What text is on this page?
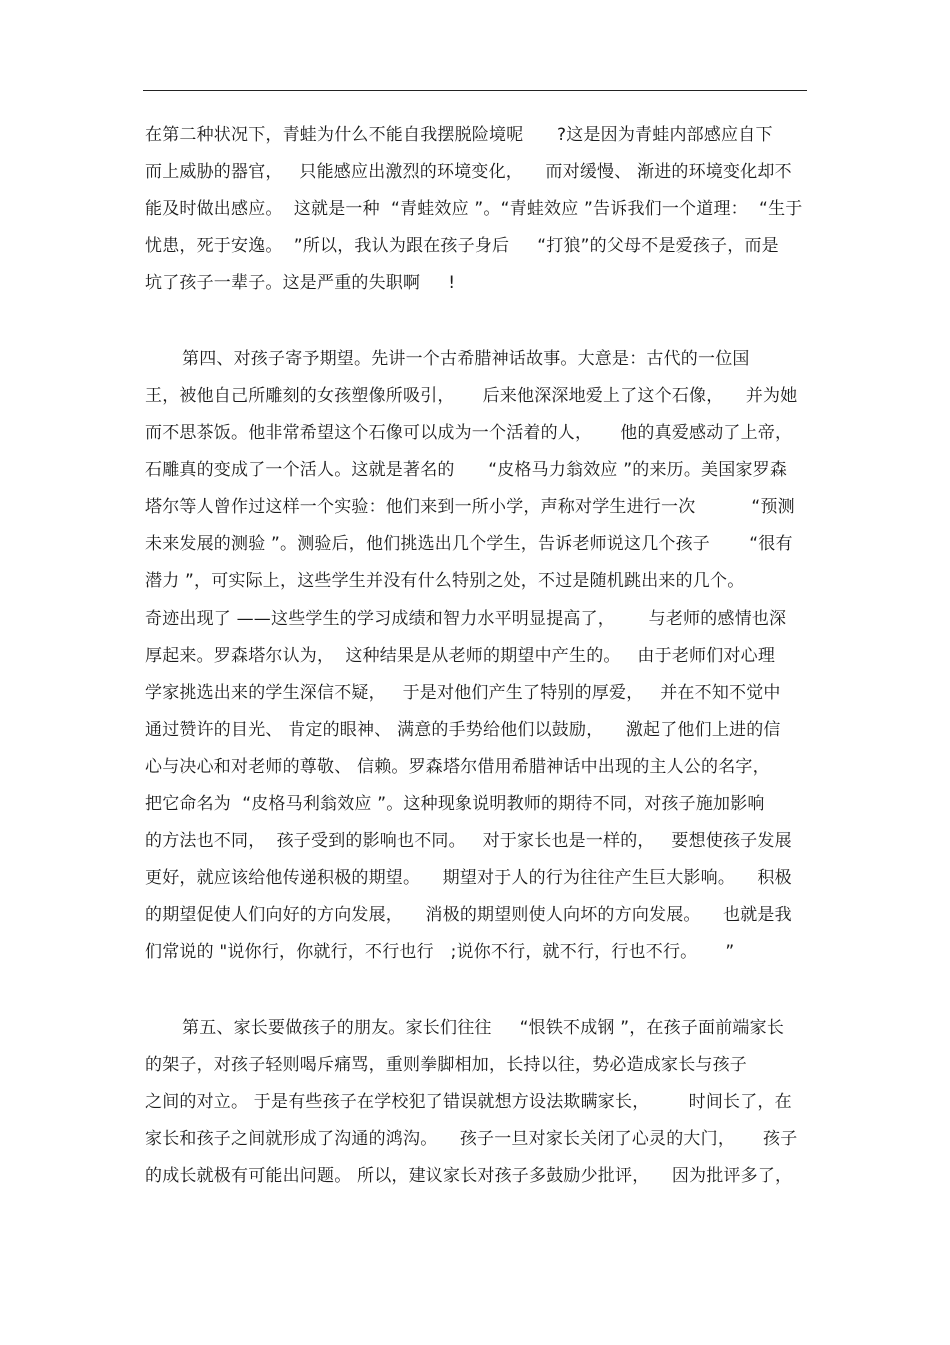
在第二种状况下，青蛙为什么不能自我摆脱险境呢      ?这是因为青蛙内部感应自下
而上威胁的器官，   只能感应出激烈的环境变化，    而对缓慢、 渐进的环境变化却不
能及时做出感应。  这就是一种  “青蛙效应 ”。“青蛙效应 ”告诉我们一个道理：  “生于
忧患，死于安逸。  ”所以，我认为跟在孩子身后     “打狼”的父母不是爱孩子，而是
坑了孩子一辈子。这是严重的失职啊     !
第四、对孩子寄予期望。先讲一个古希腊神话故事。大意是：古代的一位国
王，被他自己所雕刻的女孩塑像所吸引，     后来他深深地爱上了这个石像，    并为她
而不思茶饭。他非常希望这个石像可以成为一个活着的人，     他的真爱感动了上帝，
石雕真的变成了一个活人。这就是著名的      “皮格马力翁效应 ”的来历。美国家罗森
塔尔等人曾作过这样一个实验：他们来到一所小学，声称对学生进行一次          “预测
未来发展的测验 ”。测验后，他们挑选出几个学生，告诉老师说这几个孩子       “很有
潜力 ”，可实际上，这些学生并没有什么特别之处，不过是随机跳出来的几个。
奇迹出现了 ——这些学生的学习成绩和智力水平明显提高了，      与老师的感情也深
厚起来。罗森塔尔认为，  这种结果是从老师的期望中产生的。   由于老师们对心理
学家挑选出来的学生深信不疑，   于是对他们产生了特别的厚爱，   并在不知不觉中
通过赞许的目光、 肯定的眼神、 满意的手势给他们以鼓励，    激起了他们上进的信
心与决心和对老师的尊敬、 信赖。罗森塔尔借用希腊神话中出现的主人公的名字，
把它命名为  “皮格马利翁效应 ”。这种现象说明教师的期待不同，对孩子施加影响
的方法也不同，  孩子受到的影响也不同。   对于家长也是一样的，   要想使孩子发展
更好，就应该给他传递积极的期望。    期望对于人的行为往往产生巨大影响。    积极
的期望促使人们向好的方向发展，    消极的期望则使人向坏的方向发展。    也就是我
们常说的 "说你行，你就行，不行也行   ;说你不行，就不行，行也不行。     ”
第五、家长要做孩子的朋友。家长们往往     “恨铁不成钢 ”，在孩子面前端家长
的架子，对孩子轻则喝斥痛骂，重则拳脚相加，长持以往，势必造成家长与孩子
之间的对立。 于是有些孩子在学校犯了错误就想方设法欺瞒家长，       时间长了，在
家长和孩子之间就形成了沟通的鸿沟。    孩子一旦对家长关闭了心灵的大门，     孩子
的成长就极有可能出问题。 所以，建议家长对孩子多鼓励少批评，    因为批评多了，
